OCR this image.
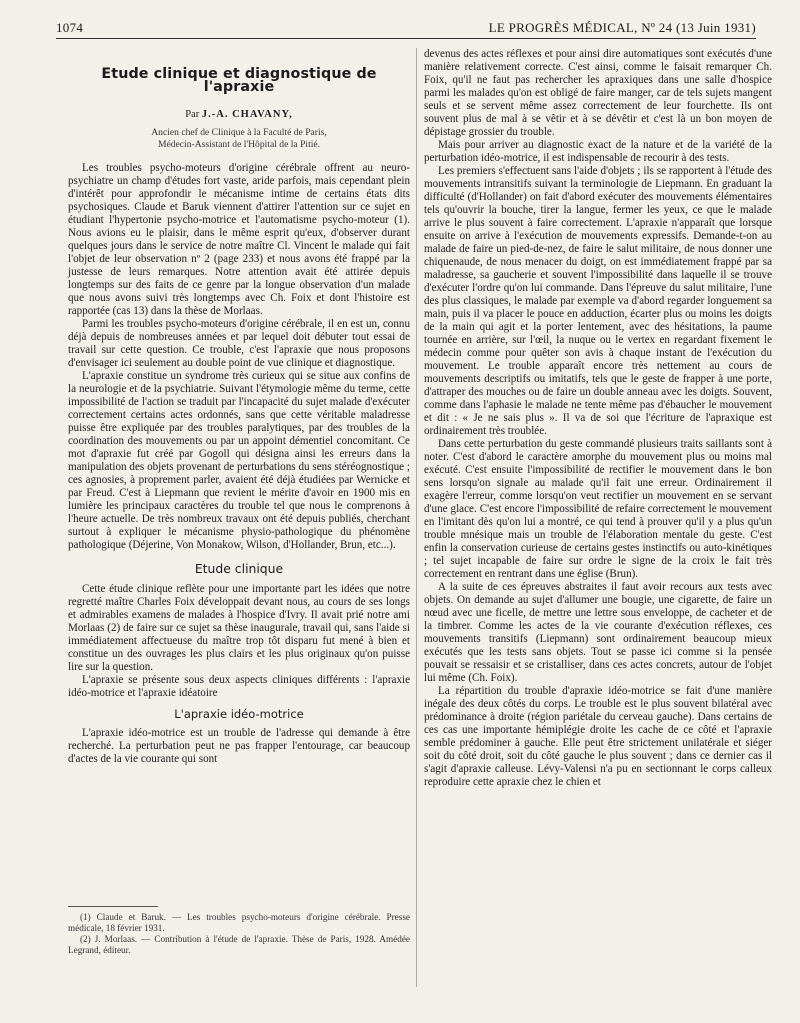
1074	LE PROGRÈS MÉDICAL, Nº 24 (13 Juin 1931)
Etude clinique et diagnostique de l'apraxie
Par J.-A. CHAVANY,
Ancien chef de Clinique à la Faculté de Paris,
Médecin-Assistant de l'Hôpital de la Pitié.

Les troubles psycho-moteurs d'origine cérébrale offrent au neuro-psychiatre un champ d'études fort vaste, aride parfois, mais cependant plein d'intérêt pour approfondir le mécanisme intime de certains états dits psychosiques. Claude et Baruk viennent d'attirer l'attention sur ce sujet en étudiant l'hypertonie psycho-motrice et l'automatisme psycho-moteur (1). Nous avions eu le plaisir, dans le même esprit qu'eux, d'observer durant quelques jours dans le service de notre maître Cl. Vincent le malade qui fait l'objet de leur observation nº 2 (page 233) et nous avons été frappé par la justesse de leurs remarques. Notre attention avait été attirée depuis longtemps sur des faits de ce genre par la longue observation d'un malade que nous avons suivi très longtemps avec Ch. Foix et dont l'histoire est rapportée (cas 13) dans la thèse de Morlaas.

Parmi les troubles psycho-moteurs d'origine cérébrale, il en est un, connu déjà depuis de nombreuses années et par lequel doit débuter tout essai de travail sur cette question. Ce trouble, c'est l'apraxie que nous proposons d'envisager ici seulement au double point de vue clinique et diagnostique.

L'apraxie constitue un syndrome très curieux qui se situe aux confins de la neurologie et de la psychiatrie. Suivant l'étymologie même du terme, cette impossibilité de l'action se traduit par l'incapacité du sujet malade d'exécuter correctement certains actes ordonnés, sans que cette véritable maladresse puisse être expliquée par des troubles paralytiques, par des troubles de la coordination des mouvements ou par un appoint démentiel concomitant. Ce mot d'apraxie fut créé par Gogoll qui désigna ainsi les erreurs dans la manipulation des objets provenant de perturbations du sens stéréognostique ; ces agnosies, à proprement parler, avaient été déjà étudiées par Wernicke et par Freud. C'est à Liepmann que revient le mérite d'avoir en 1900 mis en lumière les principaux caractères du trouble tel que nous le comprenons à l'heure actuelle. De très nombreux travaux ont été depuis publiés, cherchant surtout à expliquer le mécanisme physio-pathologique du phénomène pathologique (Déjerine, Von Monakow, Wilson, d'Hollander, Brun, etc...).

Etude clinique

Cette étude clinique reflète pour une importante part les idées que notre regretté maître Charles Foix développait devant nous, au cours de ses longs et admirables examens de malades à l'hospice d'Ivry. Il avait prié notre ami Morlaas (2) de faire sur ce sujet sa thèse inaugurale, travail qui, sans l'aide si immédiatement affectueuse du maître trop tôt disparu fut mené à bien et constitue un des ouvrages les plus clairs et les plus originaux qu'on puisse lire sur la question.

L'apraxie se présente sous deux aspects cliniques différents : l'apraxie idéo-motrice et l'apraxie idéatoire

L'apraxie idéo-motrice

L'apraxie idéo-motrice est un trouble de l'adresse qui demande à être recherché. La perturbation peut ne pas frapper l'entourage, car beaucoup d'actes de la vie courante qui sont

(1) Claude et Baruk. — Les troubles psycho-moteurs d'origine cérébrale. Presse médicale, 18 février 1931.

(2) J. Morlaas. — Contribution à l'étude de l'apraxie. Thèse de Paris, 1928. Amédée Legrand, éditeur.

devenus des actes réflexes et pour ainsi dire automatiques sont exécutés d'une manière relativement correcte. C'est ainsi, comme le faisait remarquer Ch. Foix, qu'il ne faut pas rechercher les apraxiques dans une salle d'hospice parmi les malades qu'on est obligé de faire manger, car de tels sujets mangent seuls et se servent même assez correctement de leur fourchette. Ils ont souvent plus de mal à se vêtir et à se dévêtir et c'est là un bon moyen de dépistage grossier du trouble.

Mais pour arriver au diagnostic exact de la nature et de la variété de la perturbation idéo-motrice, il est indispensable de recourir à des tests.

Les premiers s'effectuent sans l'aide d'objets ; ils se rapportent à l'étude des mouvements intransitifs suivant la terminologie de Liepmann. En graduant la difficulté (d'Hollander) on fait d'abord exécuter des mouvements élémentaires tels qu'ouvrir la bouche, tirer la langue, fermer les yeux, ce que le malade arrive le plus souvent à faire correctement. L'apraxie n'apparaît que lorsque ensuite on arrive à l'exécution de mouvements expressifs. Demande-t-on au malade de faire un pied-de-nez, de faire le salut militaire, de nous donner une chiquenaude, de nous menacer du doigt, on est immédiatement frappé par sa maladresse, sa gaucherie et souvent l'impossibilité dans laquelle il se trouve d'exécuter l'ordre qu'on lui commande. Dans l'épreuve du salut militaire, l'une des plus classiques, le malade par exemple va d'abord regarder longuement sa main, puis il va placer le pouce en adduction, écarter plus ou moins les doigts de la main qui agit et la porter lentement, avec des hésitations, la paume tournée en arrière, sur l'œil, la nuque ou le vertex en regardant fixement le médecin comme pour quêter son avis à chaque instant de l'exécution du mouvement. Le trouble apparaît encore très nettement au cours de mouvements descriptifs ou imitatifs, tels que le geste de frapper à une porte, d'attraper des mouches ou de faire un double anneau avec les doigts. Souvent, comme dans l'aphasie le malade ne tente même pas d'ébaucher le mouvement et dit : « Je ne sais plus ». Il va de soi que l'écriture de l'apraxique est ordinairement très troublée.

Dans cette perturbation du geste commandé plusieurs traits saillants sont à noter. C'est d'abord le caractère amorphe du mouvement plus ou moins mal exécuté. C'est ensuite l'impossibilité de rectifier le mouvement dans le bon sens lorsqu'on signale au malade qu'il fait une erreur. Ordinairement il exagère l'erreur, comme lorsqu'on veut rectifier un mouvement en se servant d'une glace. C'est encore l'impossibilité de refaire correctement le mouvement en l'imitant dès qu'on lui a montré, ce qui tend à prouver qu'il y a plus qu'un trouble mnésique mais un trouble de l'élaboration mentale du geste. C'est enfin la conservation curieuse de certains gestes instinctifs ou auto-kinétiques ; tel sujet incapable de faire sur ordre le signe de la croix le fait très correctement en rentrant dans une église (Brun).

A la suite de ces épreuves abstraites il faut avoir recours aux tests avec objets. On demande au sujet d'allumer une bougie, une cigarette, de faire un nœud avec une ficelle, de mettre une lettre sous enveloppe, de cacheter et de la timbrer. Comme les actes de la vie courante d'exécution réflexes, ces mouvements transitifs (Liepmann) sont ordinairement beaucoup mieux exécutés que les tests sans objets. Tout se passe ici comme si la pensée pouvait se ressaisir et se cristalliser, dans ces actes concrets, autour de l'objet lui même (Ch. Foix).

La répartition du trouble d'apraxie idéo-motrice se fait d'une manière inégale des deux côtés du corps. Le trouble est le plus souvent bilatéral avec prédominance à droite (région pariétale du cerveau gauche). Dans certains de ces cas une importante hémiplégie droite les cache de ce côté et l'apraxie semble prédominer à gauche. Elle peut être strictement unilatérale et siéger soit du côté droit, soit du côté gauche le plus souvent ; dans ce dernier cas il s'agit d'apraxie calleuse. Lévy-Valensi n'a pu en sectionnant le corps calleux reproduire cette apraxie chez le chien et
